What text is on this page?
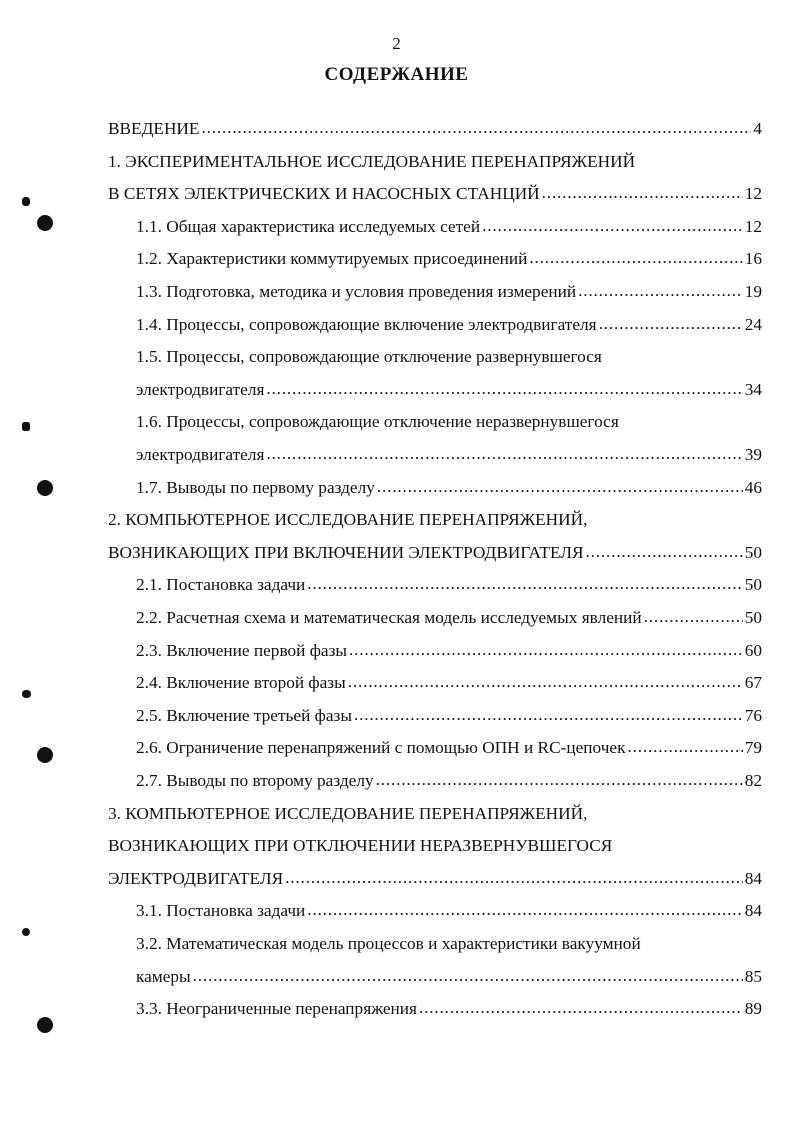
2
СОДЕРЖАНИЕ
ВВЕДЕНИЕ .....	4
1. ЭКСПЕРИМЕНТАЛЬНОЕ ИССЛЕДОВАНИЕ ПЕРЕНАПРЯЖЕНИЙ
В СЕТЯХ ЭЛЕКТРИЧЕСКИХ И НАСОСНЫХ СТАНЦИЙ .....	12
1.1. Общая характеристика исследуемых сетей .....	12
1.2. Характеристики коммутируемых присоединений .....	16
1.3. Подготовка, методика и условия проведения измерений .....	19
1.4. Процессы, сопровождающие включение электродвигателя .....	24
1.5. Процессы, сопровождающие отключение развернувшегося
электродвигателя .....	34
1.6. Процессы, сопровождающие отключение неразвернувшегося
электродвигателя .....	39
1.7. Выводы по первому разделу .....	46
2. КОМПЬЮТЕРНОЕ ИССЛЕДОВАНИЕ ПЕРЕНАПРЯЖЕНИЙ,
ВОЗНИКАЮЩИХ ПРИ ВКЛЮЧЕНИИ ЭЛЕКТРОДВИГАТЕЛЯ .....	50
2.1. Постановка задачи .....	50
2.2. Расчетная схема и математическая модель исследуемых явлений .....	50
2.3. Включение первой фазы .....	60
2.4. Включение второй фазы .....	67
2.5. Включение третьей фазы .....	76
2.6. Ограничение перенапряжений с помощью ОПН и RC-цепочек .....	79
2.7. Выводы по второму разделу .....	82
3. КОМПЬЮТЕРНОЕ ИССЛЕДОВАНИЕ ПЕРЕНАПРЯЖЕНИЙ,
ВОЗНИКАЮЩИХ ПРИ ОТКЛЮЧЕНИИ НЕРАЗВЕРНУВШЕГОСЯ
ЭЛЕКТРОДВИГАТЕЛЯ .....	84
3.1. Постановка задачи .....	84
3.2. Математическая модель процессов и характеристики вакуумной
камеры .....	85
3.3. Неограниченные перенапряжения .....	89
